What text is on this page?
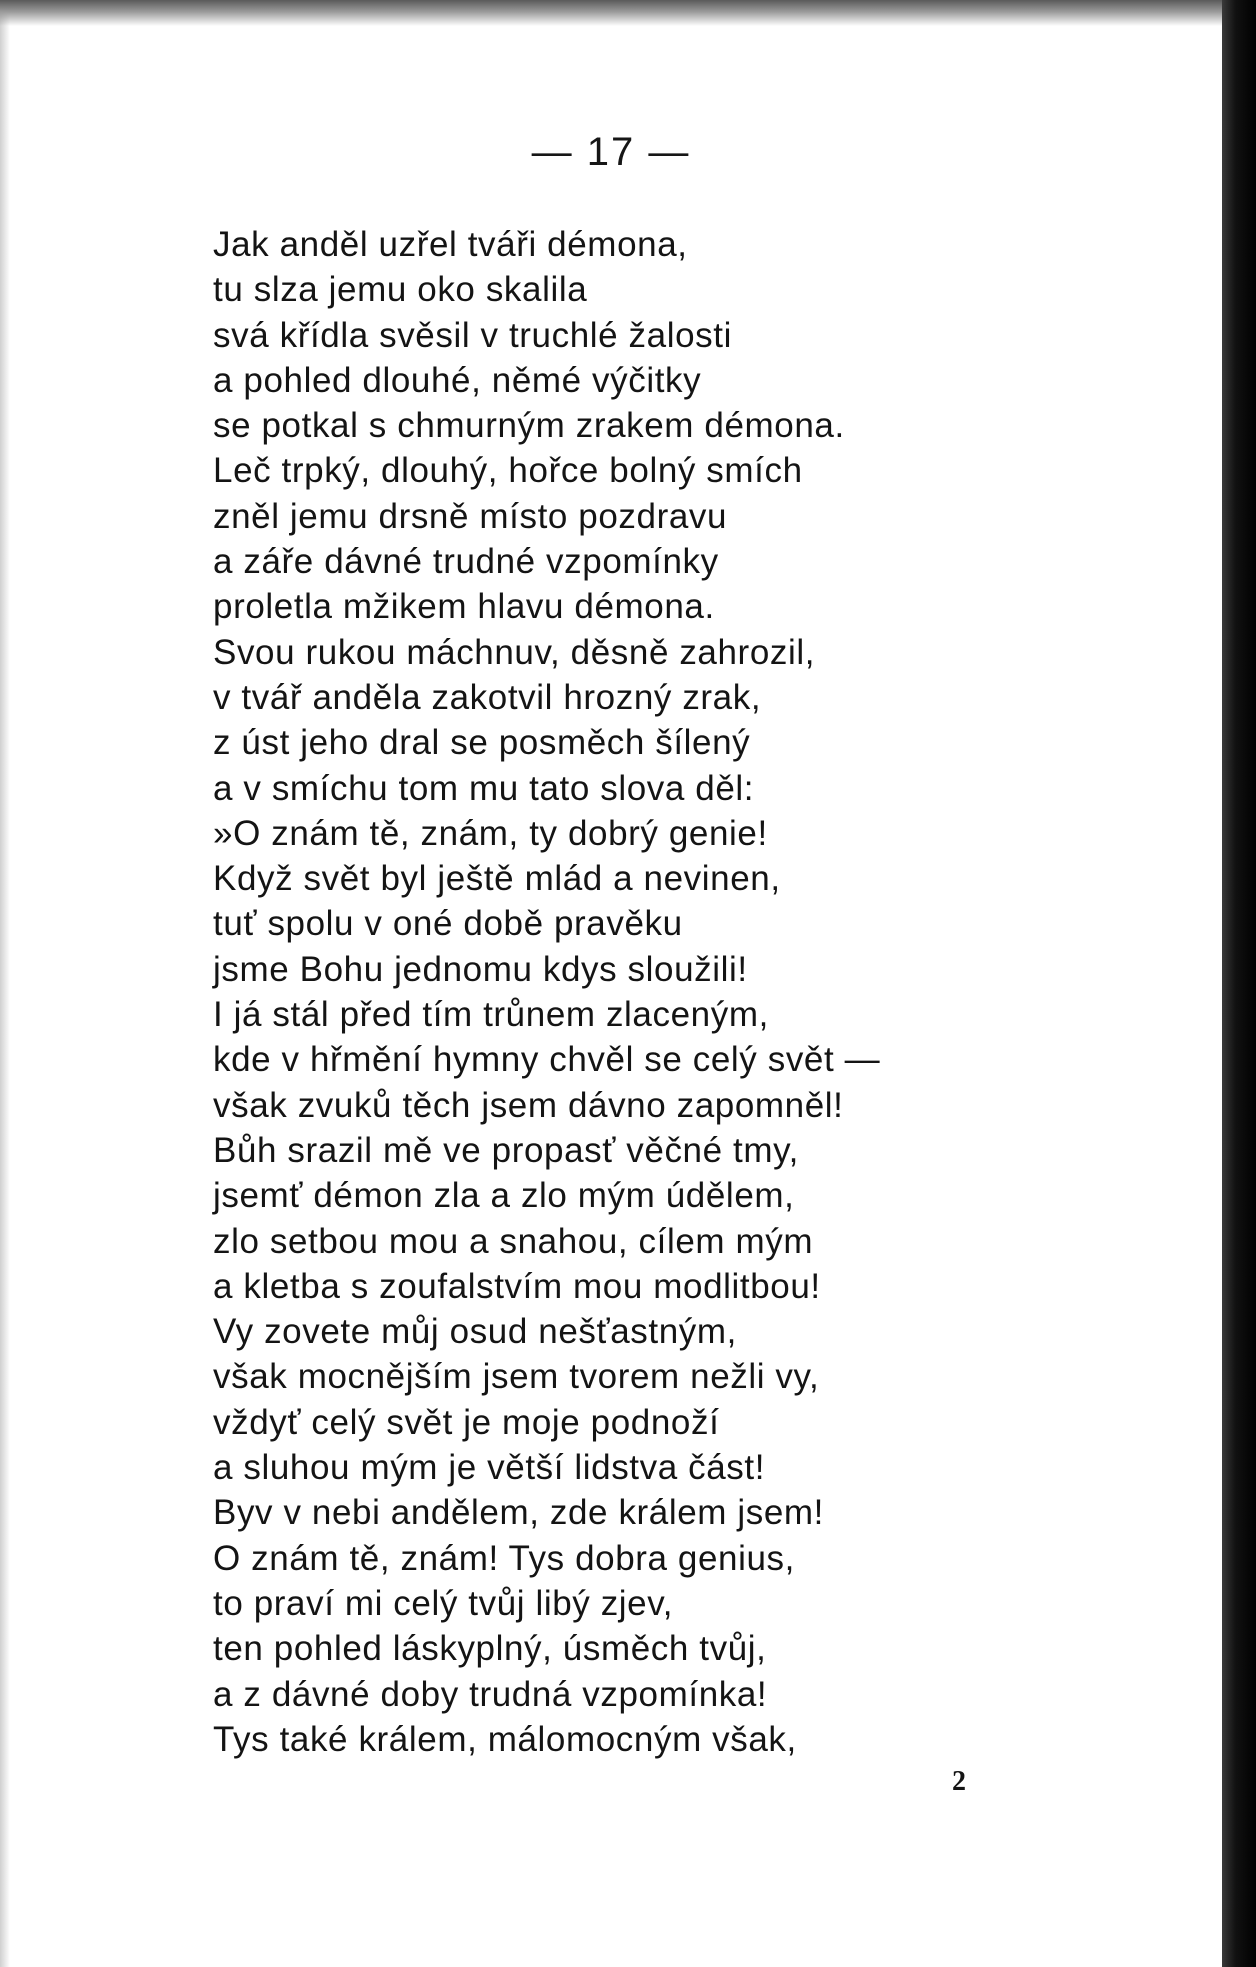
— 17 —
Jak anděl uzřel tváři démona,
tu slza jemu oko skalila
svá křídla svěsil v truchlé žalosti
a pohled dlouhé, němé výčitky
se potkal s chmurným zrakem démona.
Leč trpký, dlouhý, hořce bolný smích
zněl jemu drsně místo pozdravu
a záře dávné trudné vzpomínky
proletla mžikem hlavu démona.
Svou rukou máchnuv, děsně zahrozil,
v tvář anděla zakotvil hrozný zrak,
z úst jeho dral se posměch šílený
a v smíchu tom mu tato slova děl:
»O znám tě, znám, ty dobrý genie!
Když svět byl ještě mlád a nevinen,
tuť spolu v oné době pravěku
jsme Bohu jednomu kdys sloužili!
I já stál před tím trůnem zlaceným,
kde v hřmění hymny chvěl se celý svět —
však zvuků těch jsem dávno zapomněl!
Bůh srazil mě ve propasť věčné tmy,
jsemť démon zla a zlo mým údělem,
zlo setbou mou a snahou, cílem mým
a kletba s zoufalstvím mou modlitbou!
Vy zovete můj osud nešťastným,
však mocnějším jsem tvorem nežli vy,
vždyť celý svět je moje podnoží
a sluhou mým je větší lidstva část!
Byv v nebi andělem, zde králem jsem!
O znám tě, znám! Tys dobra genius,
to praví mi celý tvůj libý zjev,
ten pohled láskyplný, úsměch tvůj,
a z dávné doby trudná vzpomínka!
Tys také králem, málomocným však,
2
